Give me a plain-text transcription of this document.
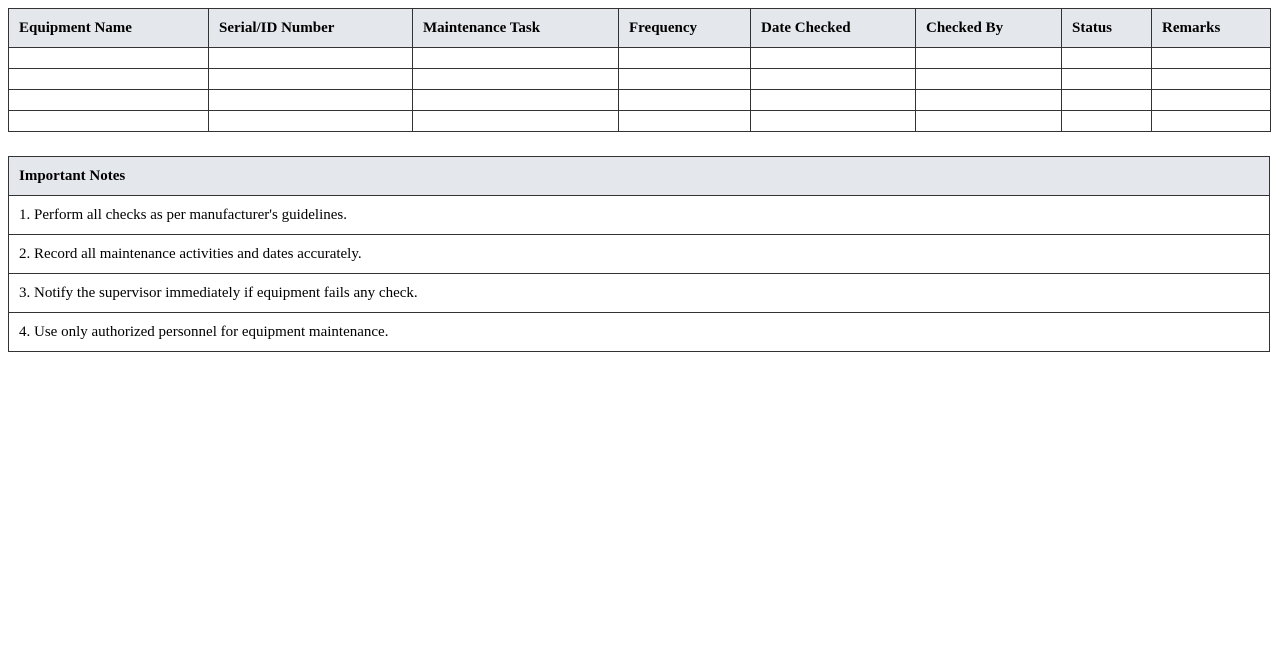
Equipment Name	Serial/ID Number	Maintenance Task	Frequency	Date Checked	Checked By	Status	Remarks

Important Notes
1. Perform all checks as per manufacturer's guidelines.
2. Record all maintenance activities and dates accurately.
3. Notify the supervisor immediately if equipment fails any check.
4. Use only authorized personnel for equipment maintenance.
